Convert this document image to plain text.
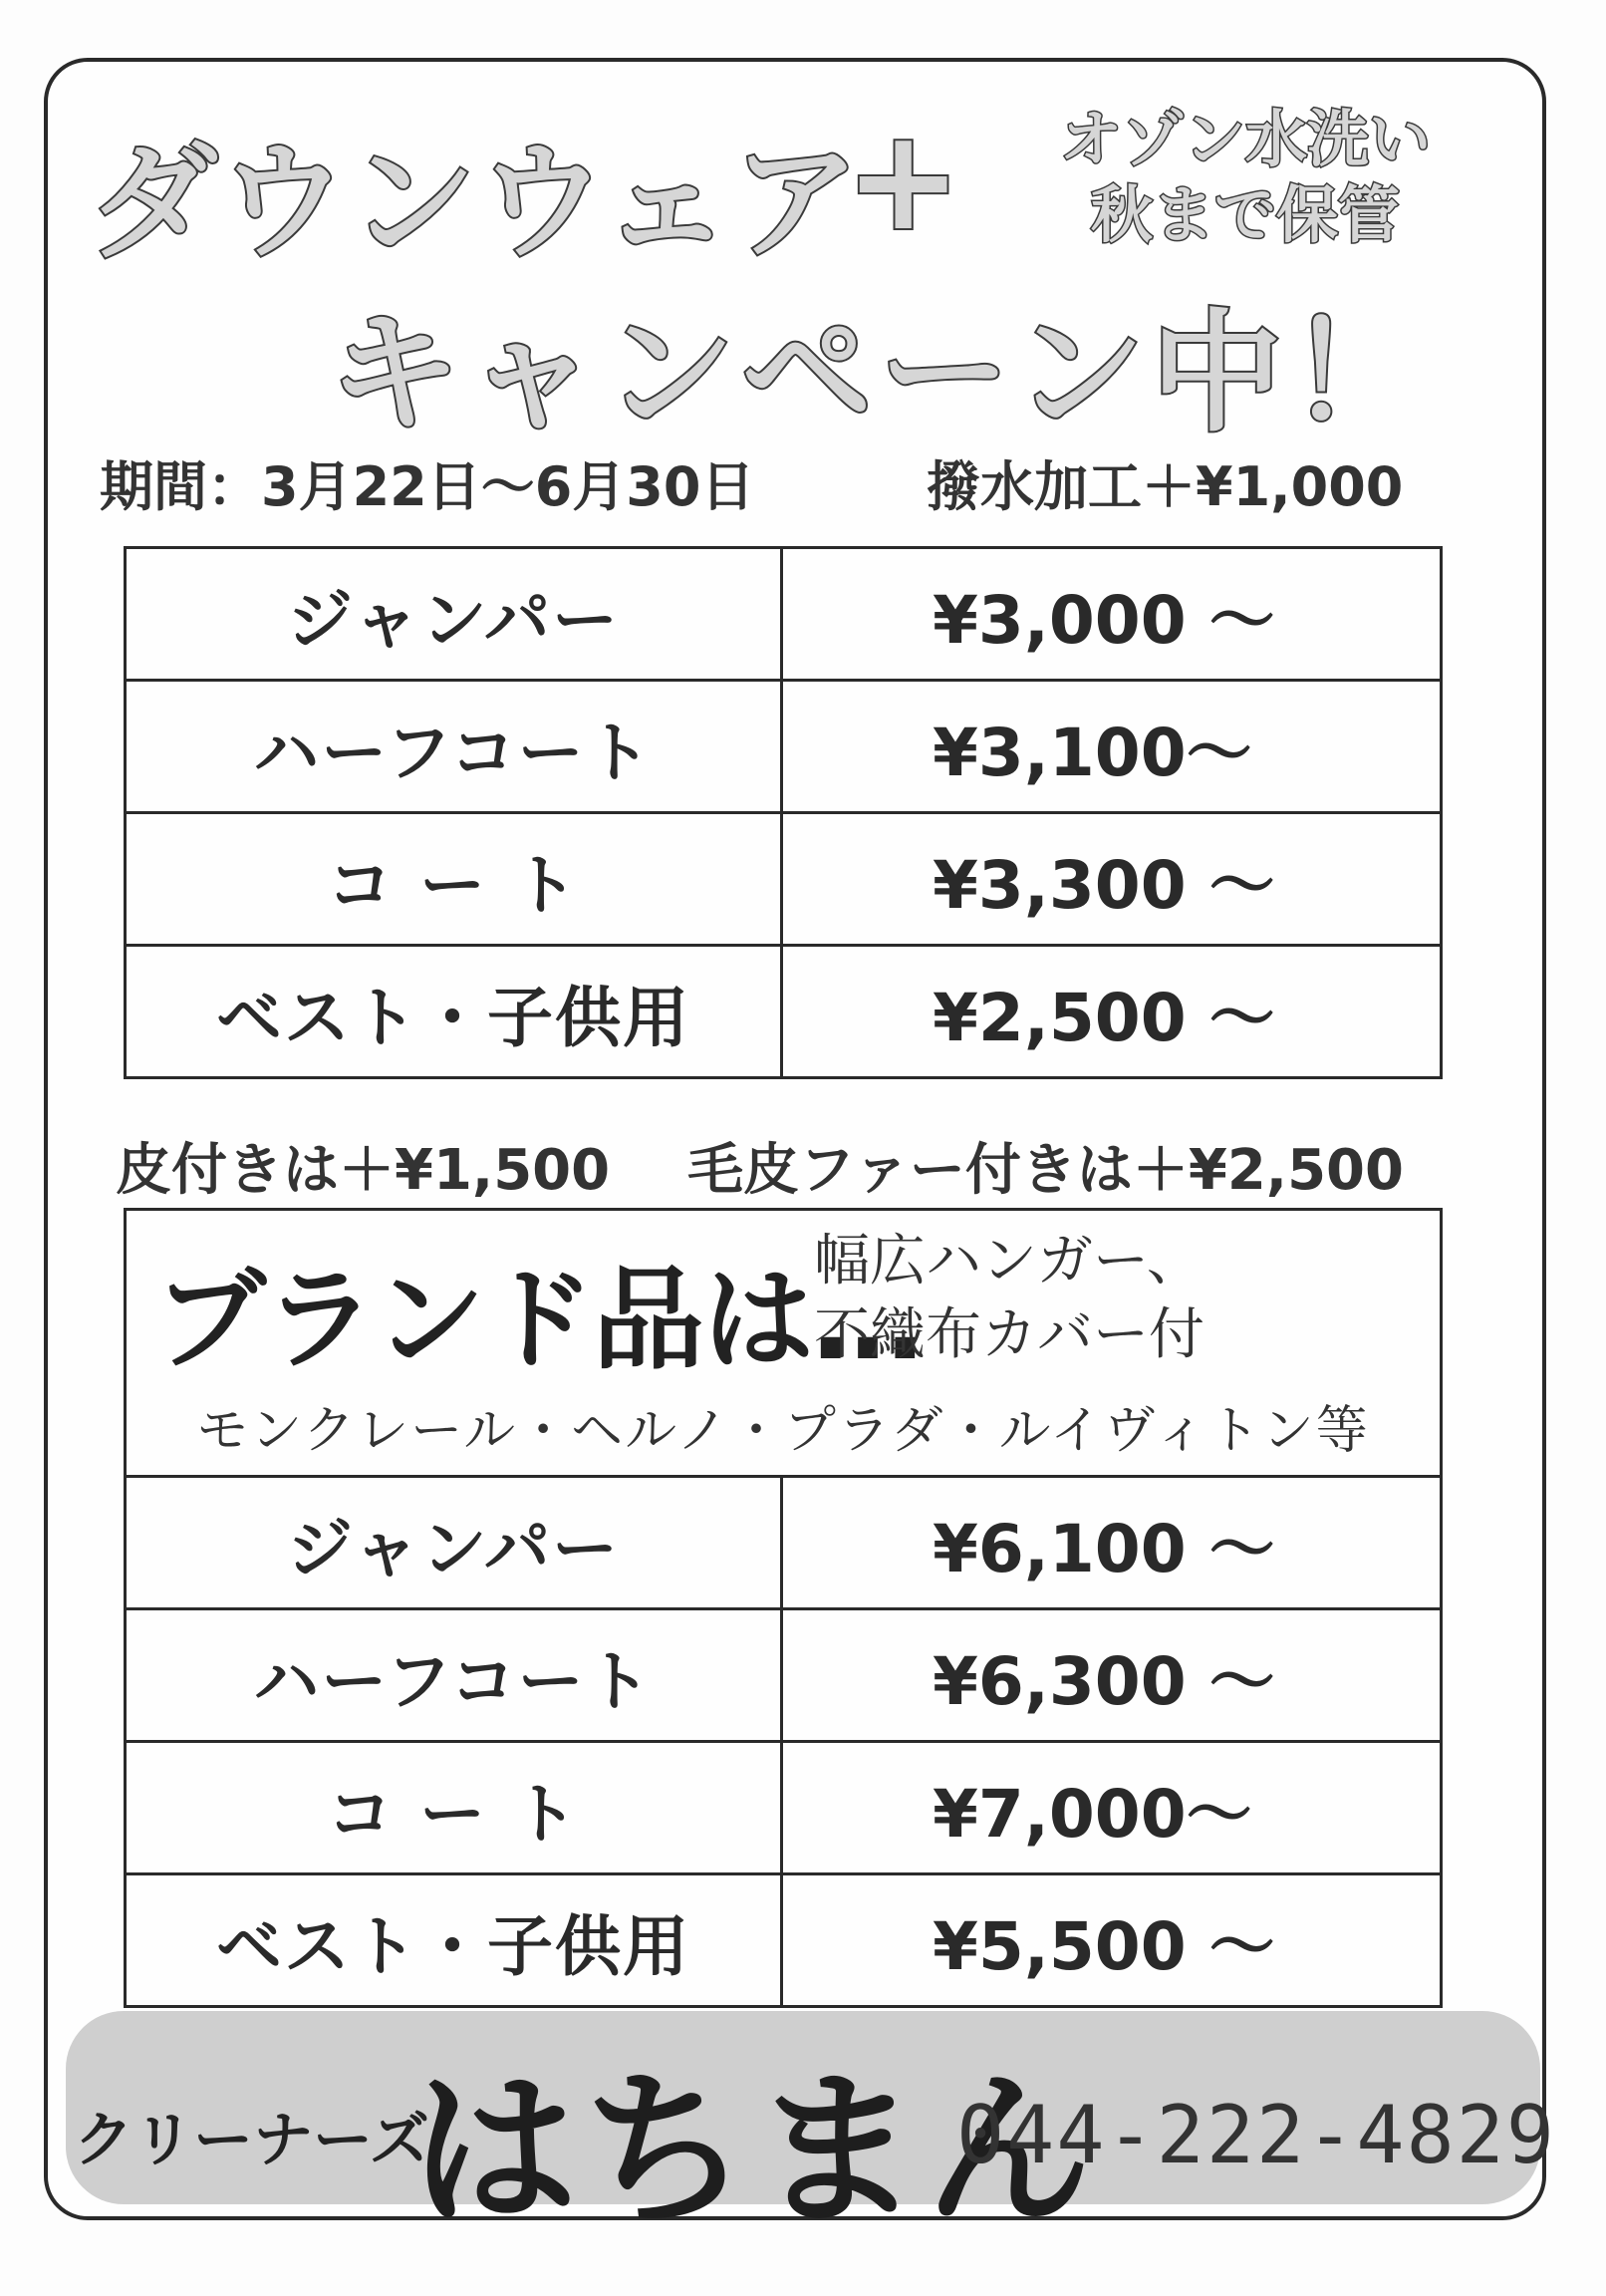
ダウンウェア
+	オゾン水洗い
秋まで保管
キャンペーン中！
期間：3月22日～6月30日	撥水加工＋¥1,000
ジャンパー	¥3,000 ～
ハーフコート	¥3,100～
コ ー ト	¥3,300 ～
ベスト・子供用	¥2,500 ～
皮付きは＋¥1,500 毛皮ファー付きは＋¥2,500
ブランド品は…
幅広ハンガー、
不織布カバー付
モンクレール・ヘルノ・プラダ・ルイヴィトン等
ジャンパー	¥6,100 ～
ハーフコート	¥6,300 ～
コ ー ト	¥7,000～
ベスト・子供用	¥5,500 ～
クリーナーズ
はちまん
044-222-4829
